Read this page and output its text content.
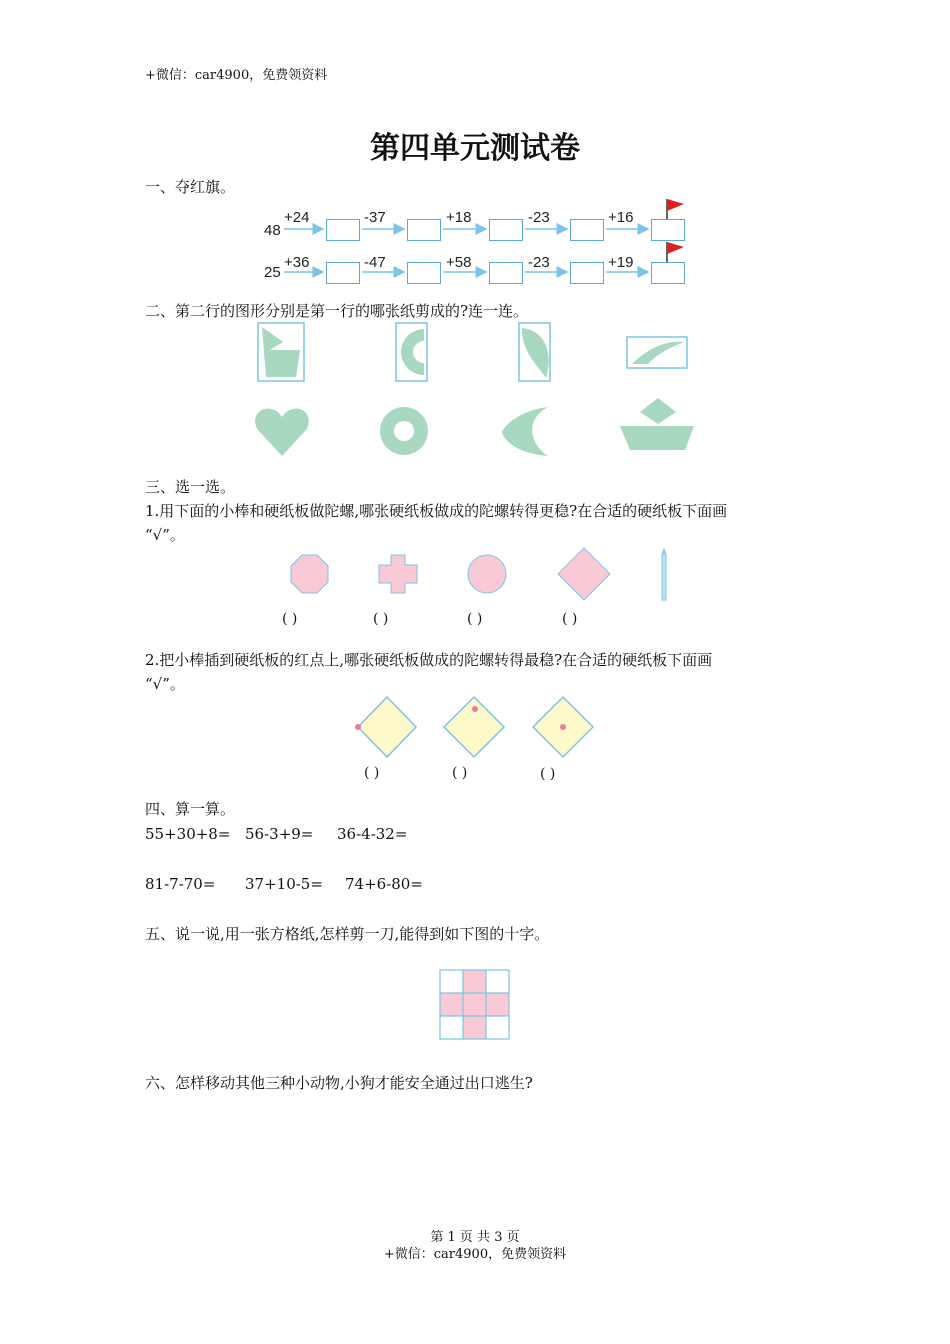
+微信：car4900，免费领资料
第四单元测试卷
一、夺红旗。
48
+24	-37	+18	-23	+16
25
+36	-47	+58	-23	+19
二、第二行的图形分别是第一行的哪张纸剪成的?连一连。
三、选一选。
1.用下面的小棒和硬纸板做陀螺,哪张硬纸板做成的陀螺转得更稳?在合适的硬纸板下面画
“√”。
( )	( )	( )	( )
2.把小棒插到硬纸板的红点上,哪张硬纸板做成的陀螺转得最稳?在合适的硬纸板下面画
“√”。
( )	( )	( )
四、算一算。
55+30+8= 56-3+9= 36-4-32=
81-7-70= 37+10-5= 74+6-80=
五、说一说,用一张方格纸,怎样剪一刀,能得到如下图的十字。
六、怎样移动其他三种小动物,小狗才能安全通过出口逃生?
第 1 页 共 3 页
+微信：car4900，免费领资料
